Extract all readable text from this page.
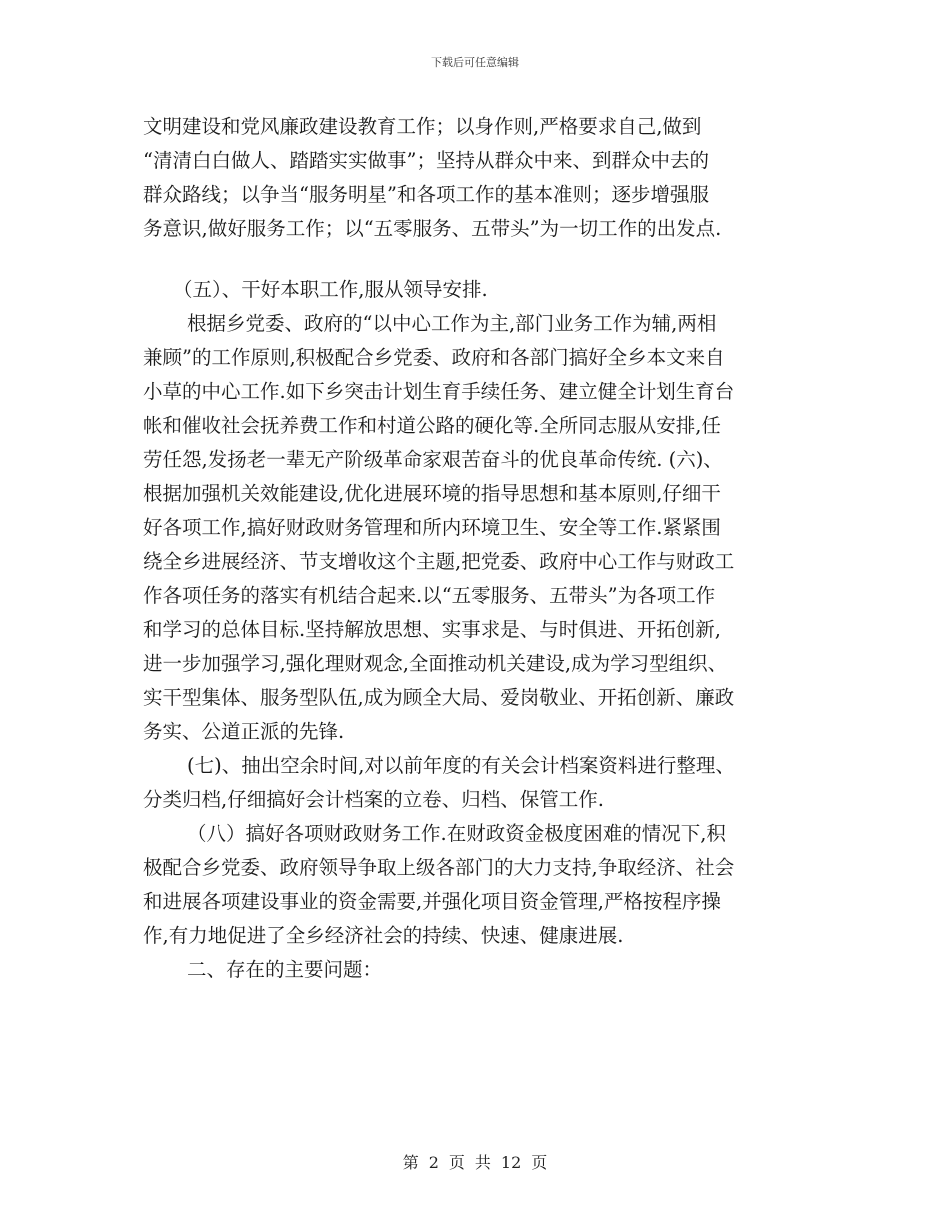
下载后可任意编辑
文明建设和党风廉政建设教育工作；以身作则,严格要求自己,做到
“清清白白做人、踏踏实实做事”；坚持从群众中来、到群众中去的
群众路线；以争当“服务明星”和各项工作的基本准则；逐步增强服
务意识,做好服务工作；以“五零服务、五带头”为一切工作的出发点.
（五）、干好本职工作,服从领导安排.
根据乡党委、政府的“以中心工作为主,部门业务工作为辅,两相
兼顾”的工作原则,积极配合乡党委、政府和各部门搞好全乡本文来自
小草的中心工作.如下乡突击计划生育手续任务、建立健全计划生育台
帐和催收社会抚养费工作和村道公路的硬化等.全所同志服从安排,任
劳任怨,发扬老一辈无产阶级革命家艰苦奋斗的优良革命传统. (六)、
根据加强机关效能建设,优化进展环境的指导思想和基本原则,仔细干
好各项工作,搞好财政财务管理和所内环境卫生、安全等工作.紧紧围
绕全乡进展经济、节支增收这个主题,把党委、政府中心工作与财政工
作各项任务的落实有机结合起来.以“五零服务、五带头”为各项工作
和学习的总体目标.坚持解放思想、实事求是、与时俱进、开拓创新,
进一步加强学习,强化理财观念,全面推动机关建设,成为学习型组织、
实干型集体、服务型队伍,成为顾全大局、爱岗敬业、开拓创新、廉政
务实、公道正派的先锋.
(七)、抽出空余时间,对以前年度的有关会计档案资料进行整理、
分类归档,仔细搞好会计档案的立卷、归档、保管工作.
（八）搞好各项财政财务工作.在财政资金极度困难的情况下,积
极配合乡党委、政府领导争取上级各部门的大力支持,争取经济、社会
和进展各项建设事业的资金需要,并强化项目资金管理,严格按程序操
作,有力地促进了全乡经济社会的持续、快速、健康进展.
二、存在的主要问题：
第 2 页 共 12 页
